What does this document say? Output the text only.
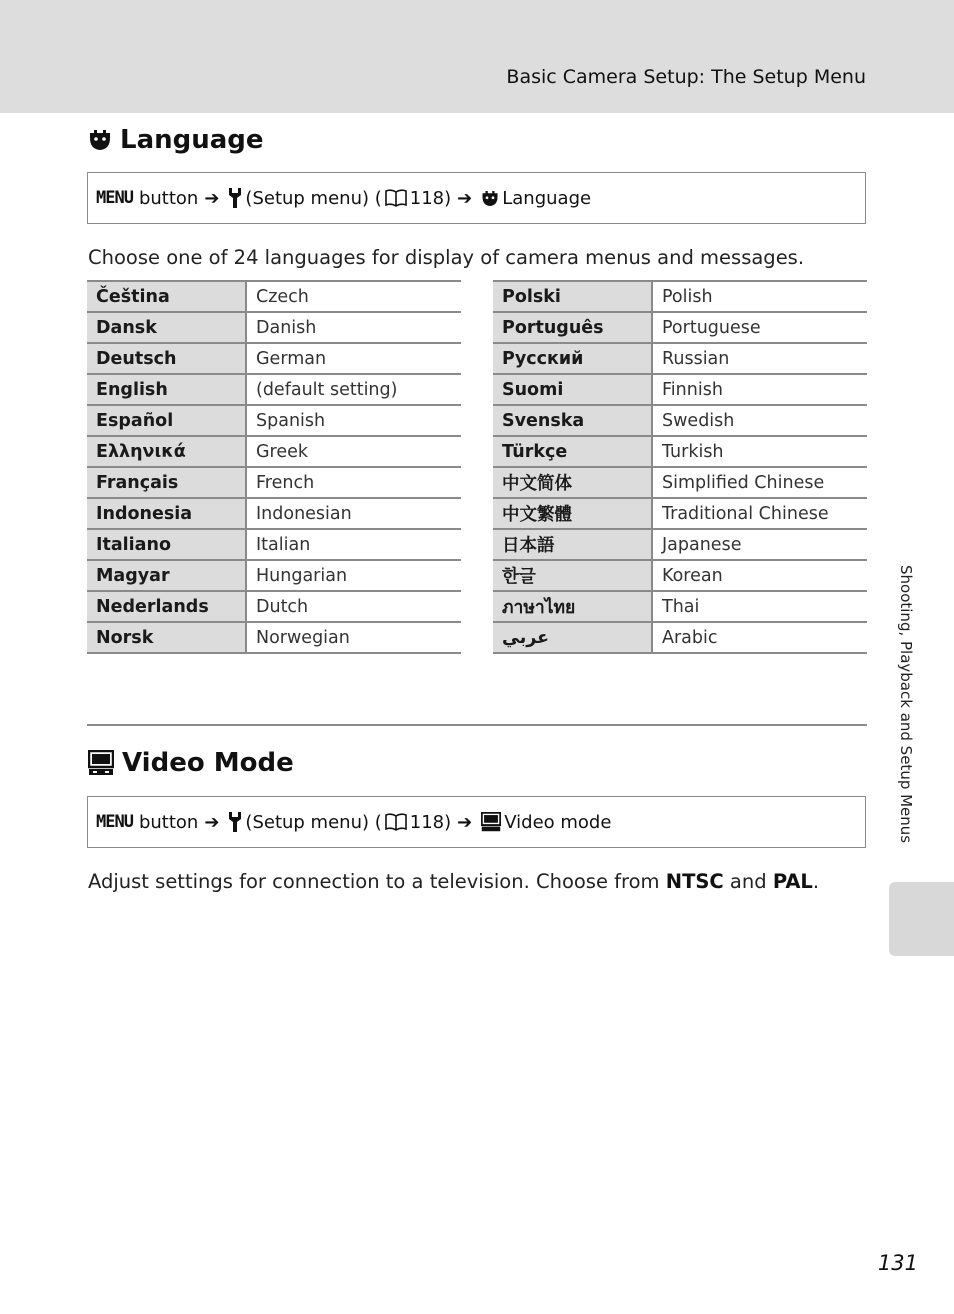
Basic Camera Setup: The Setup Menu
Language
MENU button ➔ (Setup menu) ( 118) ➔ Language
Choose one of 24 languages for display of camera menus and messages.
Čeština	Czech
Dansk	Danish
Deutsch	German
English	(default setting)
Español	Spanish
Ελληνικά	Greek
Français	French
Indonesia	Indonesian
Italiano	Italian
Magyar	Hungarian
Nederlands	Dutch
Norsk	Norwegian
Polski	Polish
Português	Portuguese
Русский	Russian
Suomi	Finnish
Svenska	Swedish
Türkçe	Turkish
中文简体	Simplified Chinese
中文繁體	Traditional Chinese
日本語	Japanese
한글	Korean
ภาษาไทย	Thai
عربي	Arabic
Video Mode
MENU button ➔ (Setup menu) ( 118) ➔ Video mode
Adjust settings for connection to a television. Choose from NTSC and PAL.
Shooting, Playback and Setup Menus
131
